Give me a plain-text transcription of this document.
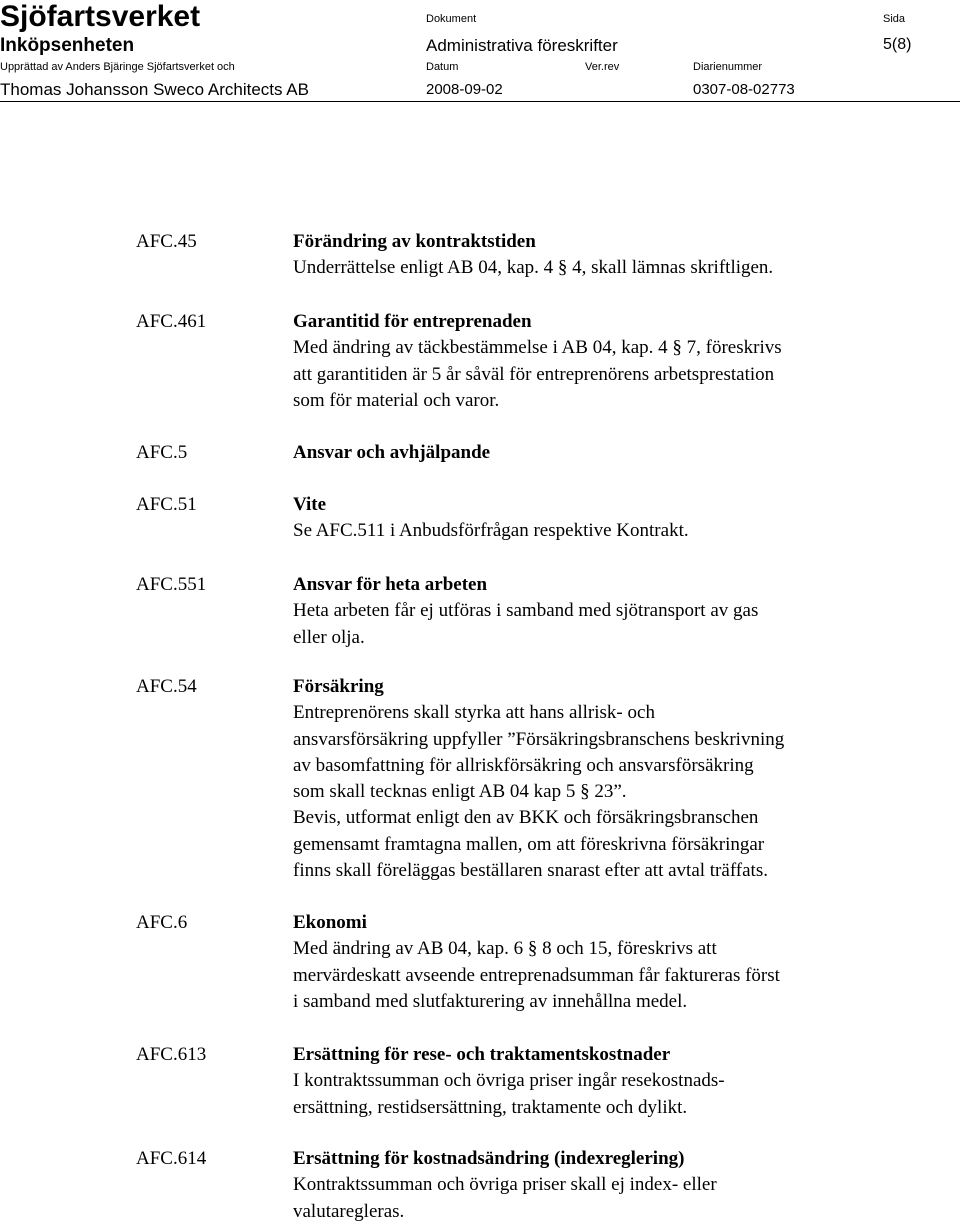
Sjöfartsverket
Inköpsenheten
Upprättad av Anders Bjäringe Sjöfartsverket och
Thomas Johansson Sweco Architects AB
Dokument
Administrativa föreskrifter
Sida
5(8)
Datum
2008-09-02
Ver.rev	Diarienummer
0307-08-02773
AFC.45
AFC.461
AFC.5
AFC.51
AFC.551
AFC.54
AFC.6
AFC.613
AFC.614
Förändring av kontraktstiden
Underrättelse enligt AB 04, kap. 4 § 4, skall lämnas skriftligen.
Garantitid för entreprenaden
Med ändring av täckbestämmelse i AB 04, kap. 4 § 7, föreskrivs
att garantitiden är 5 år såväl för entreprenörens arbetsprestation
som för material och varor.
Ansvar och avhjälpande
Vite
Se AFC.511 i Anbudsförfrågan respektive Kontrakt.
Ansvar för heta arbeten
Heta arbeten får ej utföras i samband med sjötransport av gas
eller olja.
Försäkring
Entreprenörens skall styrka att hans allrisk- och
ansvarsförsäkring uppfyller ”Försäkringsbranschens beskrivning
av basomfattning för allriskförsäkring och ansvarsförsäkring
som skall tecknas enligt AB 04 kap 5 § 23”.
Bevis, utformat enligt den av BKK och försäkringsbranschen
gemensamt framtagna mallen, om att föreskrivna försäkringar
finns skall föreläggas beställaren snarast efter att avtal träffats.
Ekonomi
Med ändring av AB 04, kap. 6 § 8 och 15, föreskrivs att
mervärdeskatt avseende entreprenadsumman får faktureras först
i samband med slutfakturering av innehållna medel.
Ersättning för rese- och traktamentskostnader
I kontraktssumman och övriga priser ingår resekostnads-
ersättning, restidsersättning, traktamente och dylikt.
Ersättning för kostnadsändring (indexreglering)
Kontraktssumman och övriga priser skall ej index- eller
valutaregleras.
